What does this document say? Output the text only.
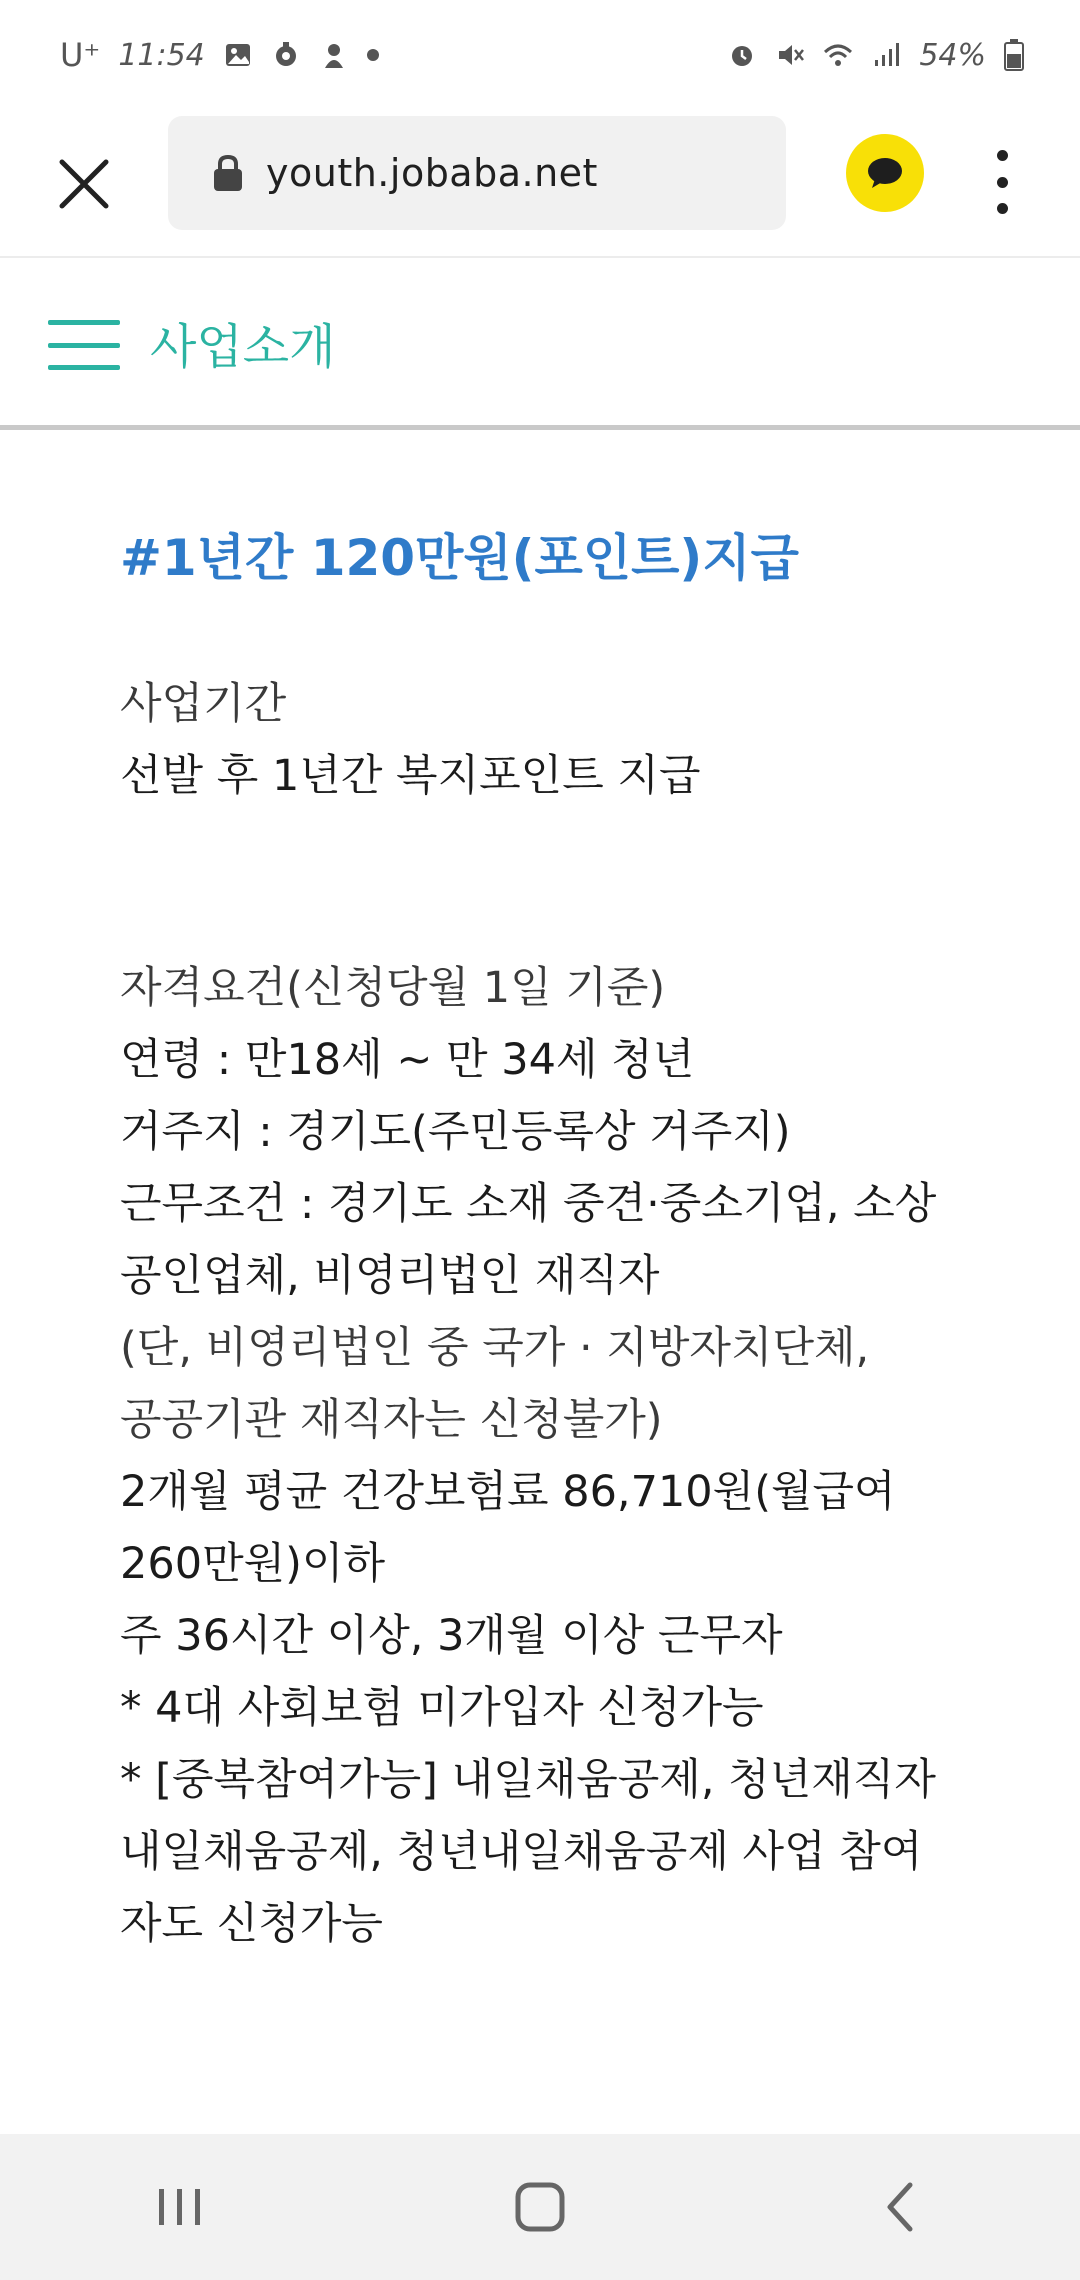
U⁺ 11:54	54%
youth.jobaba.net
사업소개
#1년간 120만원(포인트)지급
사업기간
선발 후 1년간 복지포인트 지급
자격요건(신청당월 1일 기준)
연령 : 만18세 ~ 만 34세 청년
거주지 : 경기도(주민등록상 거주지)
근무조건 : 경기도 소재 중견·중소기업, 소상
공인업체, 비영리법인 재직자
(단, 비영리법인 중 국가 · 지방자치단체,
공공기관 재직자는 신청불가)
2개월 평균 건강보험료 86,710원(월급여
260만원)이하
주 36시간 이상, 3개월 이상 근무자
* 4대 사회보험 미가입자 신청가능
* [중복참여가능] 내일채움공제, 청년재직자
내일채움공제, 청년내일채움공제 사업 참여
자도 신청가능
